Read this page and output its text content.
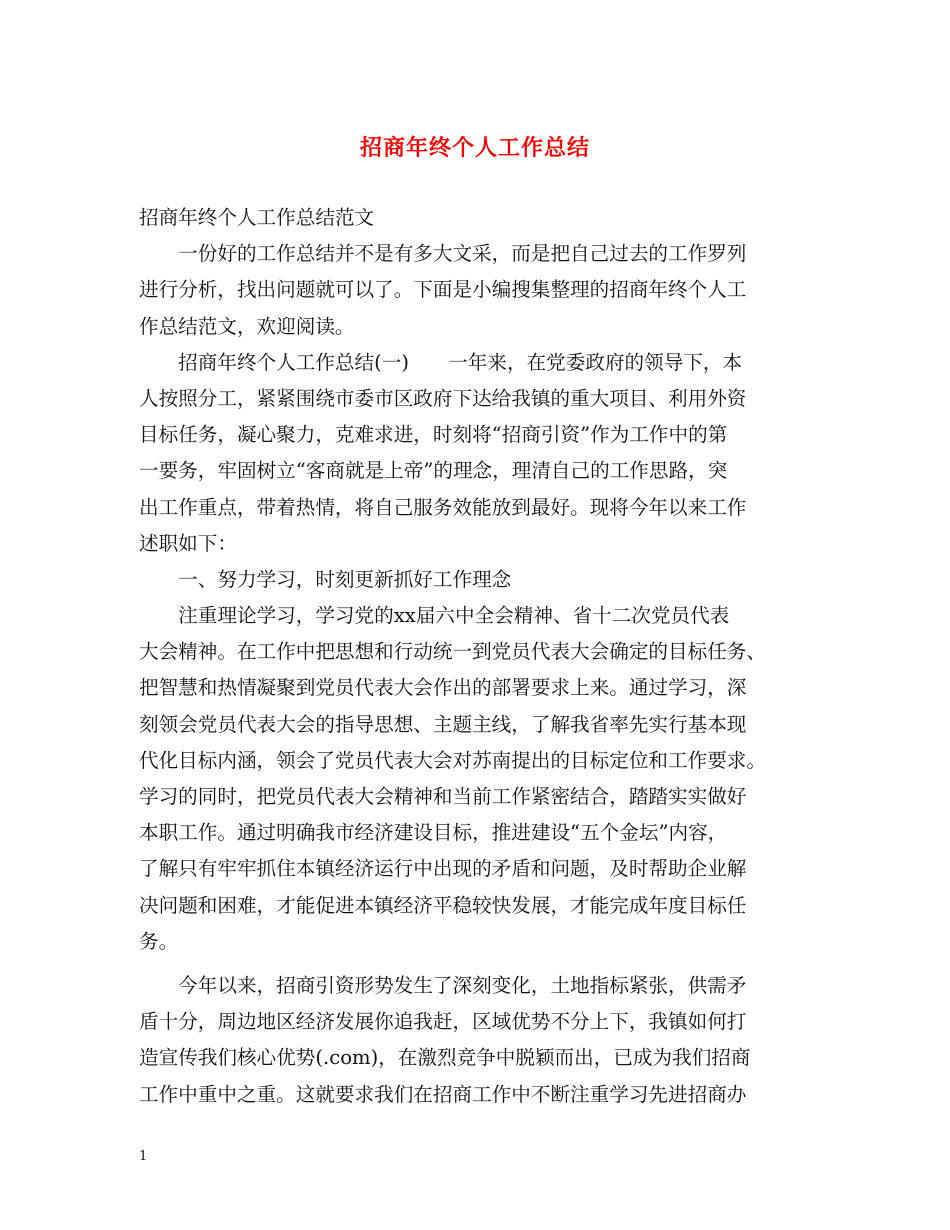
招商年终个人工作总结
招商年终个人工作总结范文
　　一份好的工作总结并不是有多大文采，而是把自己过去的工作罗列
进行分析，找出问题就可以了。下面是小编搜集整理的招商年终个人工
作总结范文，欢迎阅读。
　　招商年终个人工作总结(一)　　一年来，在党委政府的领导下，本
人按照分工，紧紧围绕市委市区政府下达给我镇的重大项目、利用外资
目标任务，凝心聚力，克难求进，时刻将“招商引资”作为工作中的第
一要务，牢固树立“客商就是上帝”的理念，理清自己的工作思路，突
出工作重点，带着热情，将自己服务效能放到最好。现将今年以来工作
述职如下：
　　一、努力学习，时刻更新抓好工作理念
　　注重理论学习，学习党的xx届六中全会精神、省十二次党员代表
大会精神。在工作中把思想和行动统一到党员代表大会确定的目标任务、
把智慧和热情凝聚到党员代表大会作出的部署要求上来。通过学习，深
刻领会党员代表大会的指导思想、主题主线，了解我省率先实行基本现
代化目标内涵，领会了党员代表大会对苏南提出的目标定位和工作要求。
学习的同时，把党员代表大会精神和当前工作紧密结合，踏踏实实做好
本职工作。通过明确我市经济建设目标，推进建设“五个金坛”内容，
了解只有牢牢抓住本镇经济运行中出现的矛盾和问题，及时帮助企业解
决问题和困难，才能促进本镇经济平稳较快发展，才能完成年度目标任
务。
　　今年以来，招商引资形势发生了深刻变化，土地指标紧张，供需矛
盾十分，周边地区经济发展你追我赶，区域优势不分上下，我镇如何打
造宣传我们核心优势(.com)，在激烈竞争中脱颖而出，已成为我们招商
工作中重中之重。这就要求我们在招商工作中不断注重学习先进招商办
1
